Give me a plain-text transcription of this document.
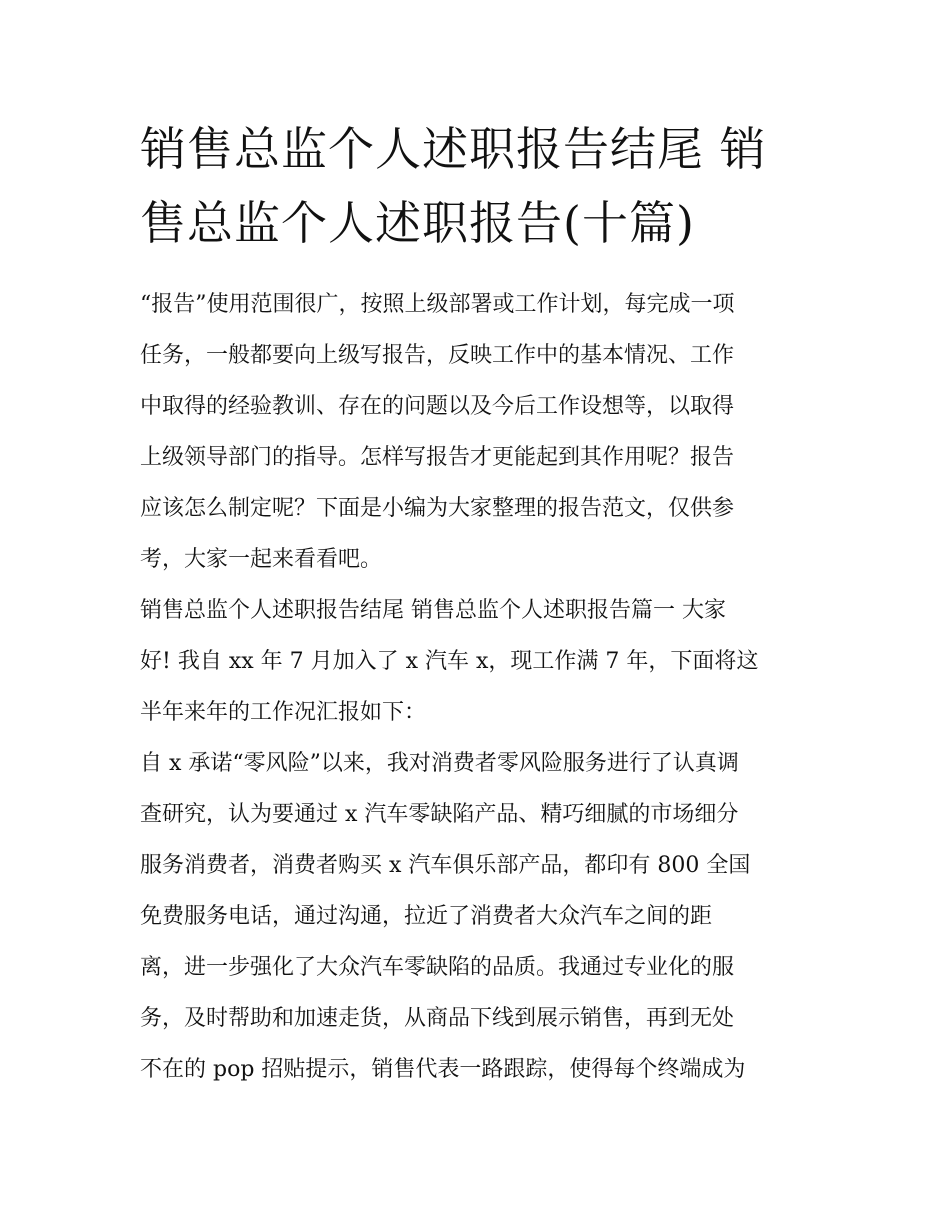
销售总监个人述职报告结尾 销
售总监个人述职报告(十篇)
“报告”使用范围很广，按照上级部署或工作计划，每完成一项
任务，一般都要向上级写报告，反映工作中的基本情况、工作
中取得的经验教训、存在的问题以及今后工作设想等，以取得
上级领导部门的指导。怎样写报告才更能起到其作用呢？报告
应该怎么制定呢？下面是小编为大家整理的报告范文，仅供参
考，大家一起来看看吧。
销售总监个人述职报告结尾 销售总监个人述职报告篇一 大家
好! 我自 xx 年 7 月加入了 x 汽车 x，现工作满 7 年，下面将这
半年来年的工作况汇报如下：
自 x 承诺“零风险”以来，我对消费者零风险服务进行了认真调
查研究，认为要通过 x 汽车零缺陷产品、精巧细腻的市场细分
服务消费者，消费者购买 x 汽车俱乐部产品，都印有 800 全国
免费服务电话，通过沟通，拉近了消费者大众汽车之间的距
离，进一步强化了大众汽车零缺陷的品质。我通过专业化的服
务，及时帮助和加速走货，从商品下线到展示销售，再到无处
不在的 pop 招贴提示，销售代表一路跟踪，使得每个终端成为
